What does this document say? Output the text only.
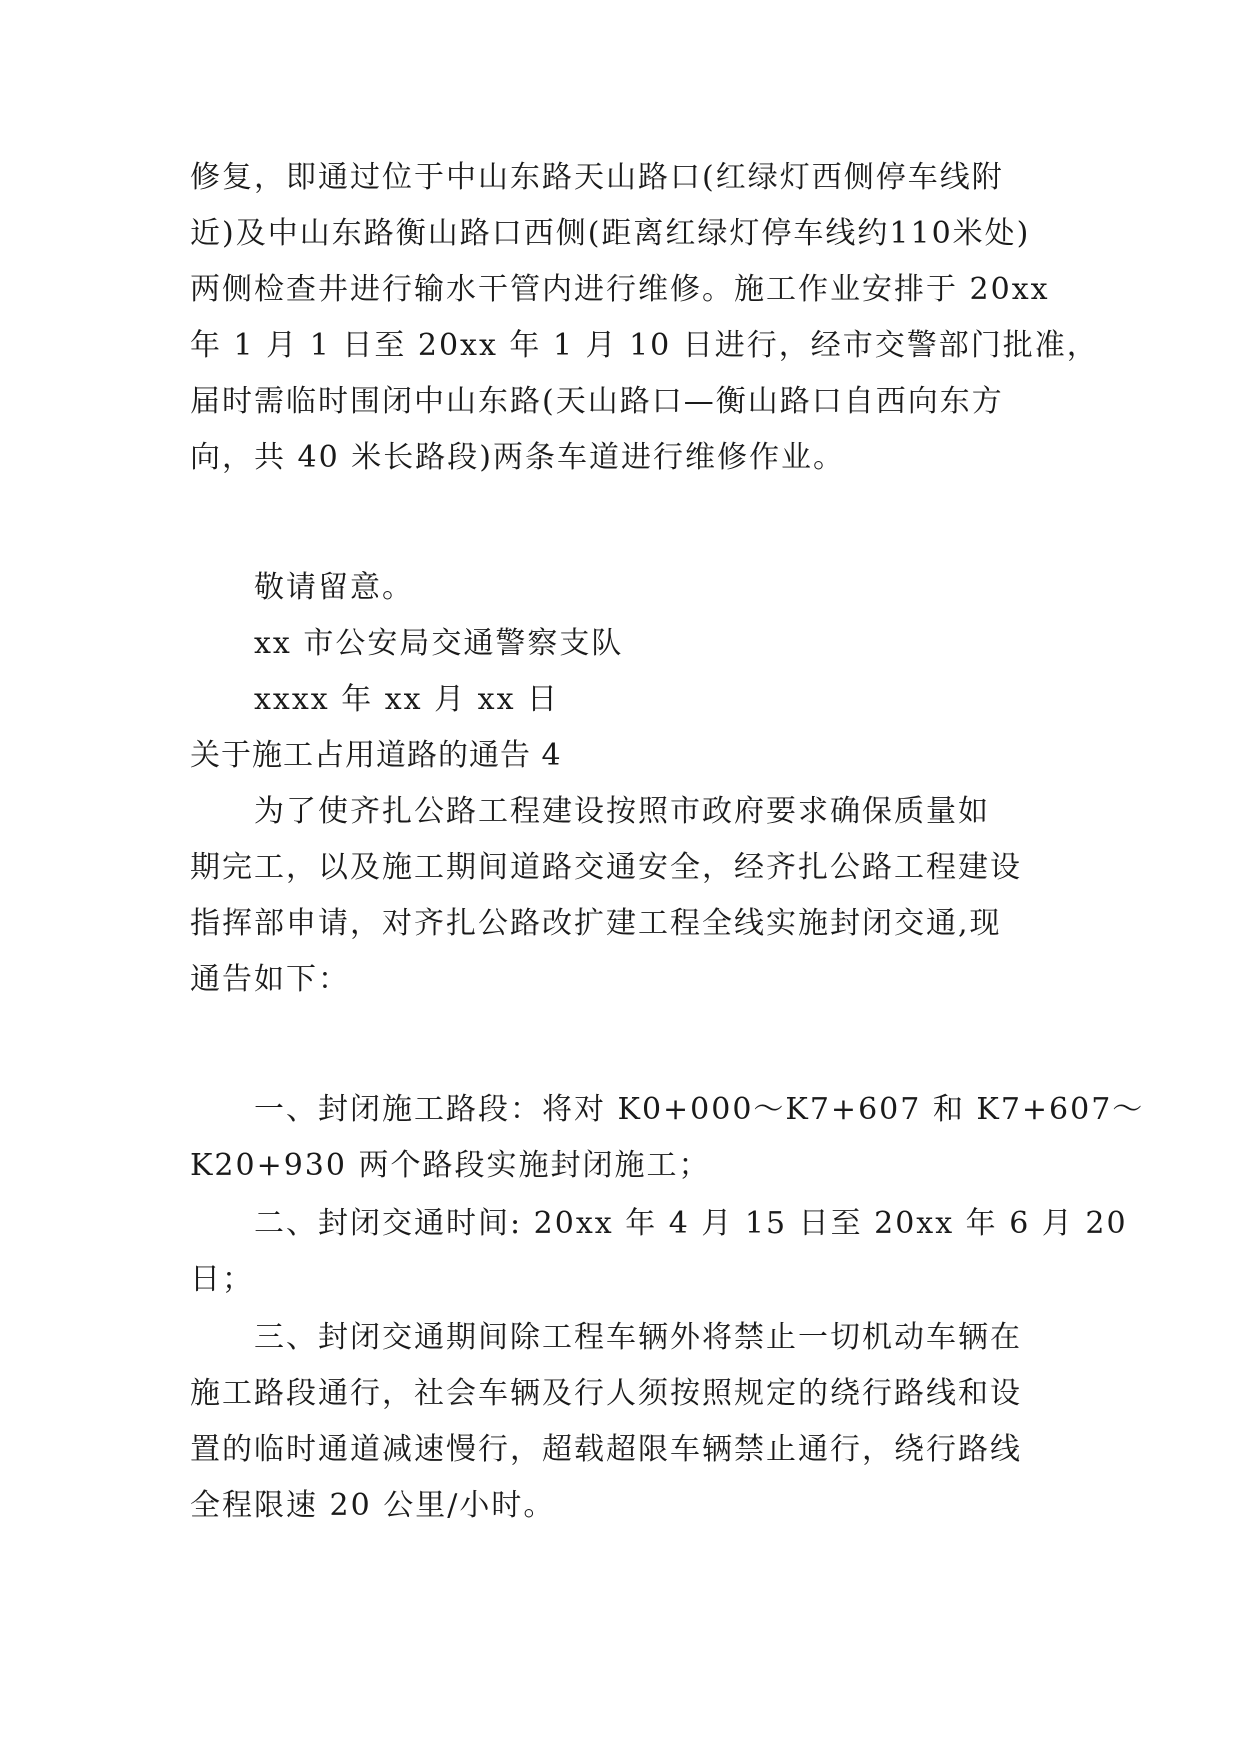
修复，即通过位于中山东路天山路口(红绿灯西侧停车线附
近)及中山东路衡山路口西侧(距离红绿灯停车线约110米处)
两侧检查井进行输水干管内进行维修。施工作业安排于 20xx
年 1 月 1 日至 20xx 年 1 月 10 日进行，经市交警部门批准，
届时需临时围闭中山东路(天山路口—衡山路口自西向东方
向，共 40 米长路段)两条车道进行维修作业。
敬请留意。
xx 市公安局交通警察支队
xxxx 年 xx 月 xx 日
关于施工占用道路的通告 4
为了使齐扎公路工程建设按照市政府要求确保质量如
期完工，以及施工期间道路交通安全，经齐扎公路工程建设
指挥部申请，对齐扎公路改扩建工程全线实施封闭交通,现
通告如下：
一、封闭施工路段：将对 K0+000～K7+607 和 K7+607～
K20+930 两个路段实施封闭施工；
二、封闭交通时间: 20xx 年 4 月 15 日至 20xx 年 6 月 20
日；
三、封闭交通期间除工程车辆外将禁止一切机动车辆在
施工路段通行，社会车辆及行人须按照规定的绕行路线和设
置的临时通道减速慢行，超载超限车辆禁止通行，绕行路线
全程限速 20 公里/小时。
